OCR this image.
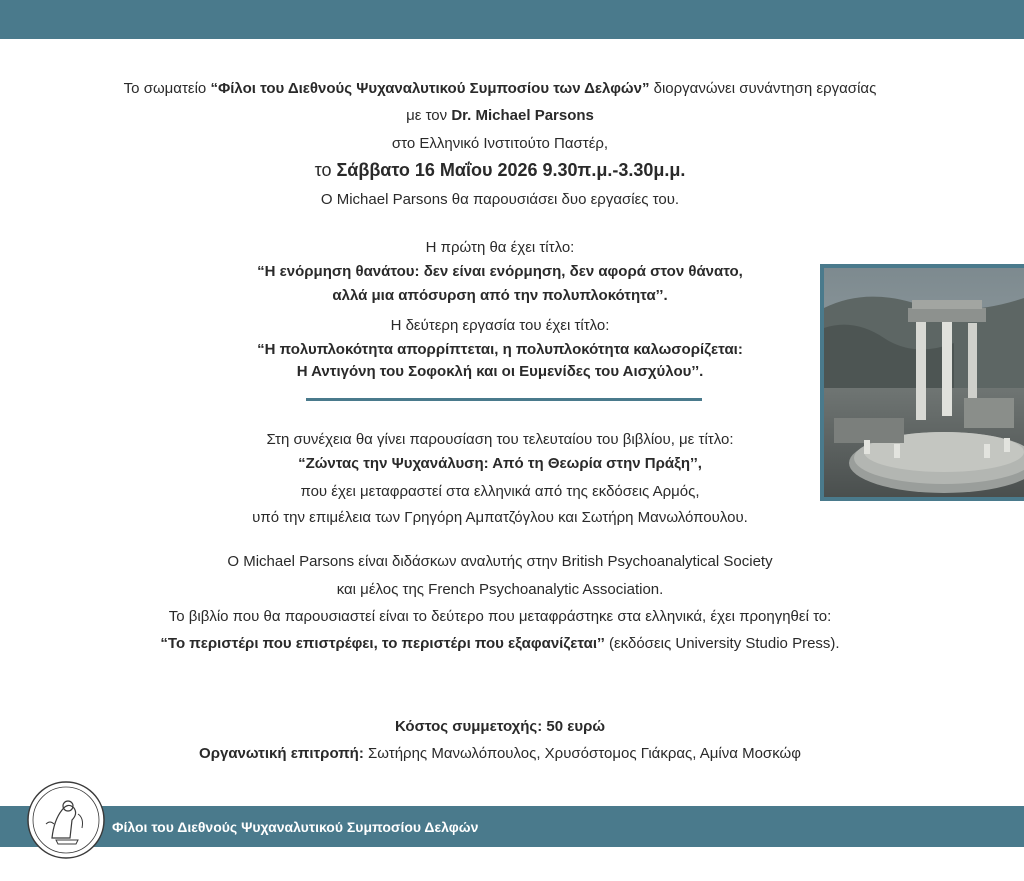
Το σωματείο “Φίλοι του Διεθνούς Ψυχαναλυτικού Συμποσίου των Δελφών” διοργανώνει συνάντηση εργασίας
με τον Dr. Michael Parsons
στο Ελληνικό Ινστιτούτο Παστέρ,
το Σάββατο 16 Μαΐου 2026 9.30π.μ.-3.30μ.μ.
Ο Michael Parsons θα παρουσιάσει δυο εργασίες του.
Η πρώτη θα έχει τίτλο:
“Η ενόρμηση θανάτου: δεν είναι ενόρμηση, δεν αφορά στον θάνατο,
αλλά μια απόσυρση από την πολυπλοκότητα’’.
Η δεύτερη εργασία του έχει τίτλο:
“Η πολυπλοκότητα απορρίπτεται, η πολυπλοκότητα καλωσορίζεται:
Η Αντιγόνη του Σοφοκλή και οι Ευμενίδες του Αισχύλου’’.
Στη συνέχεια θα γίνει παρουσίαση του τελευταίου του βιβλίου, με τίτλο:
“Ζώντας την Ψυχανάλυση: Από τη Θεωρία στην Πράξη’’,
που έχει μεταφραστεί στα ελληνικά από της εκδόσεις Αρμός,
υπό την επιμέλεια των Γρηγόρη Αμπατζόγλου και Σωτήρη Μανωλόπουλου.
Ο Michael Parsons είναι διδάσκων αναλυτής στην British Psychoanalytical Society
και μέλος της French Psychoanalytic Association.
Το βιβλίο που θα παρουσιαστεί είναι το δεύτερο που μεταφράστηκε στα ελληνικά, έχει προηγηθεί το:
“Το περιστέρι που επιστρέφει, το περιστέρι που εξαφανίζεται’’ (εκδόσεις University Studio Press).
Κόστος συμμετοχής: 50 ευρώ
Οργανωτική επιτροπή: Σωτήρης Μανωλόπουλος, Χρυσόστομος Γιάκρας, Αμίνα Μοσκώφ
Φίλοι του Διεθνούς Ψυχαναλυτικού Συμποσίου Δελφών
